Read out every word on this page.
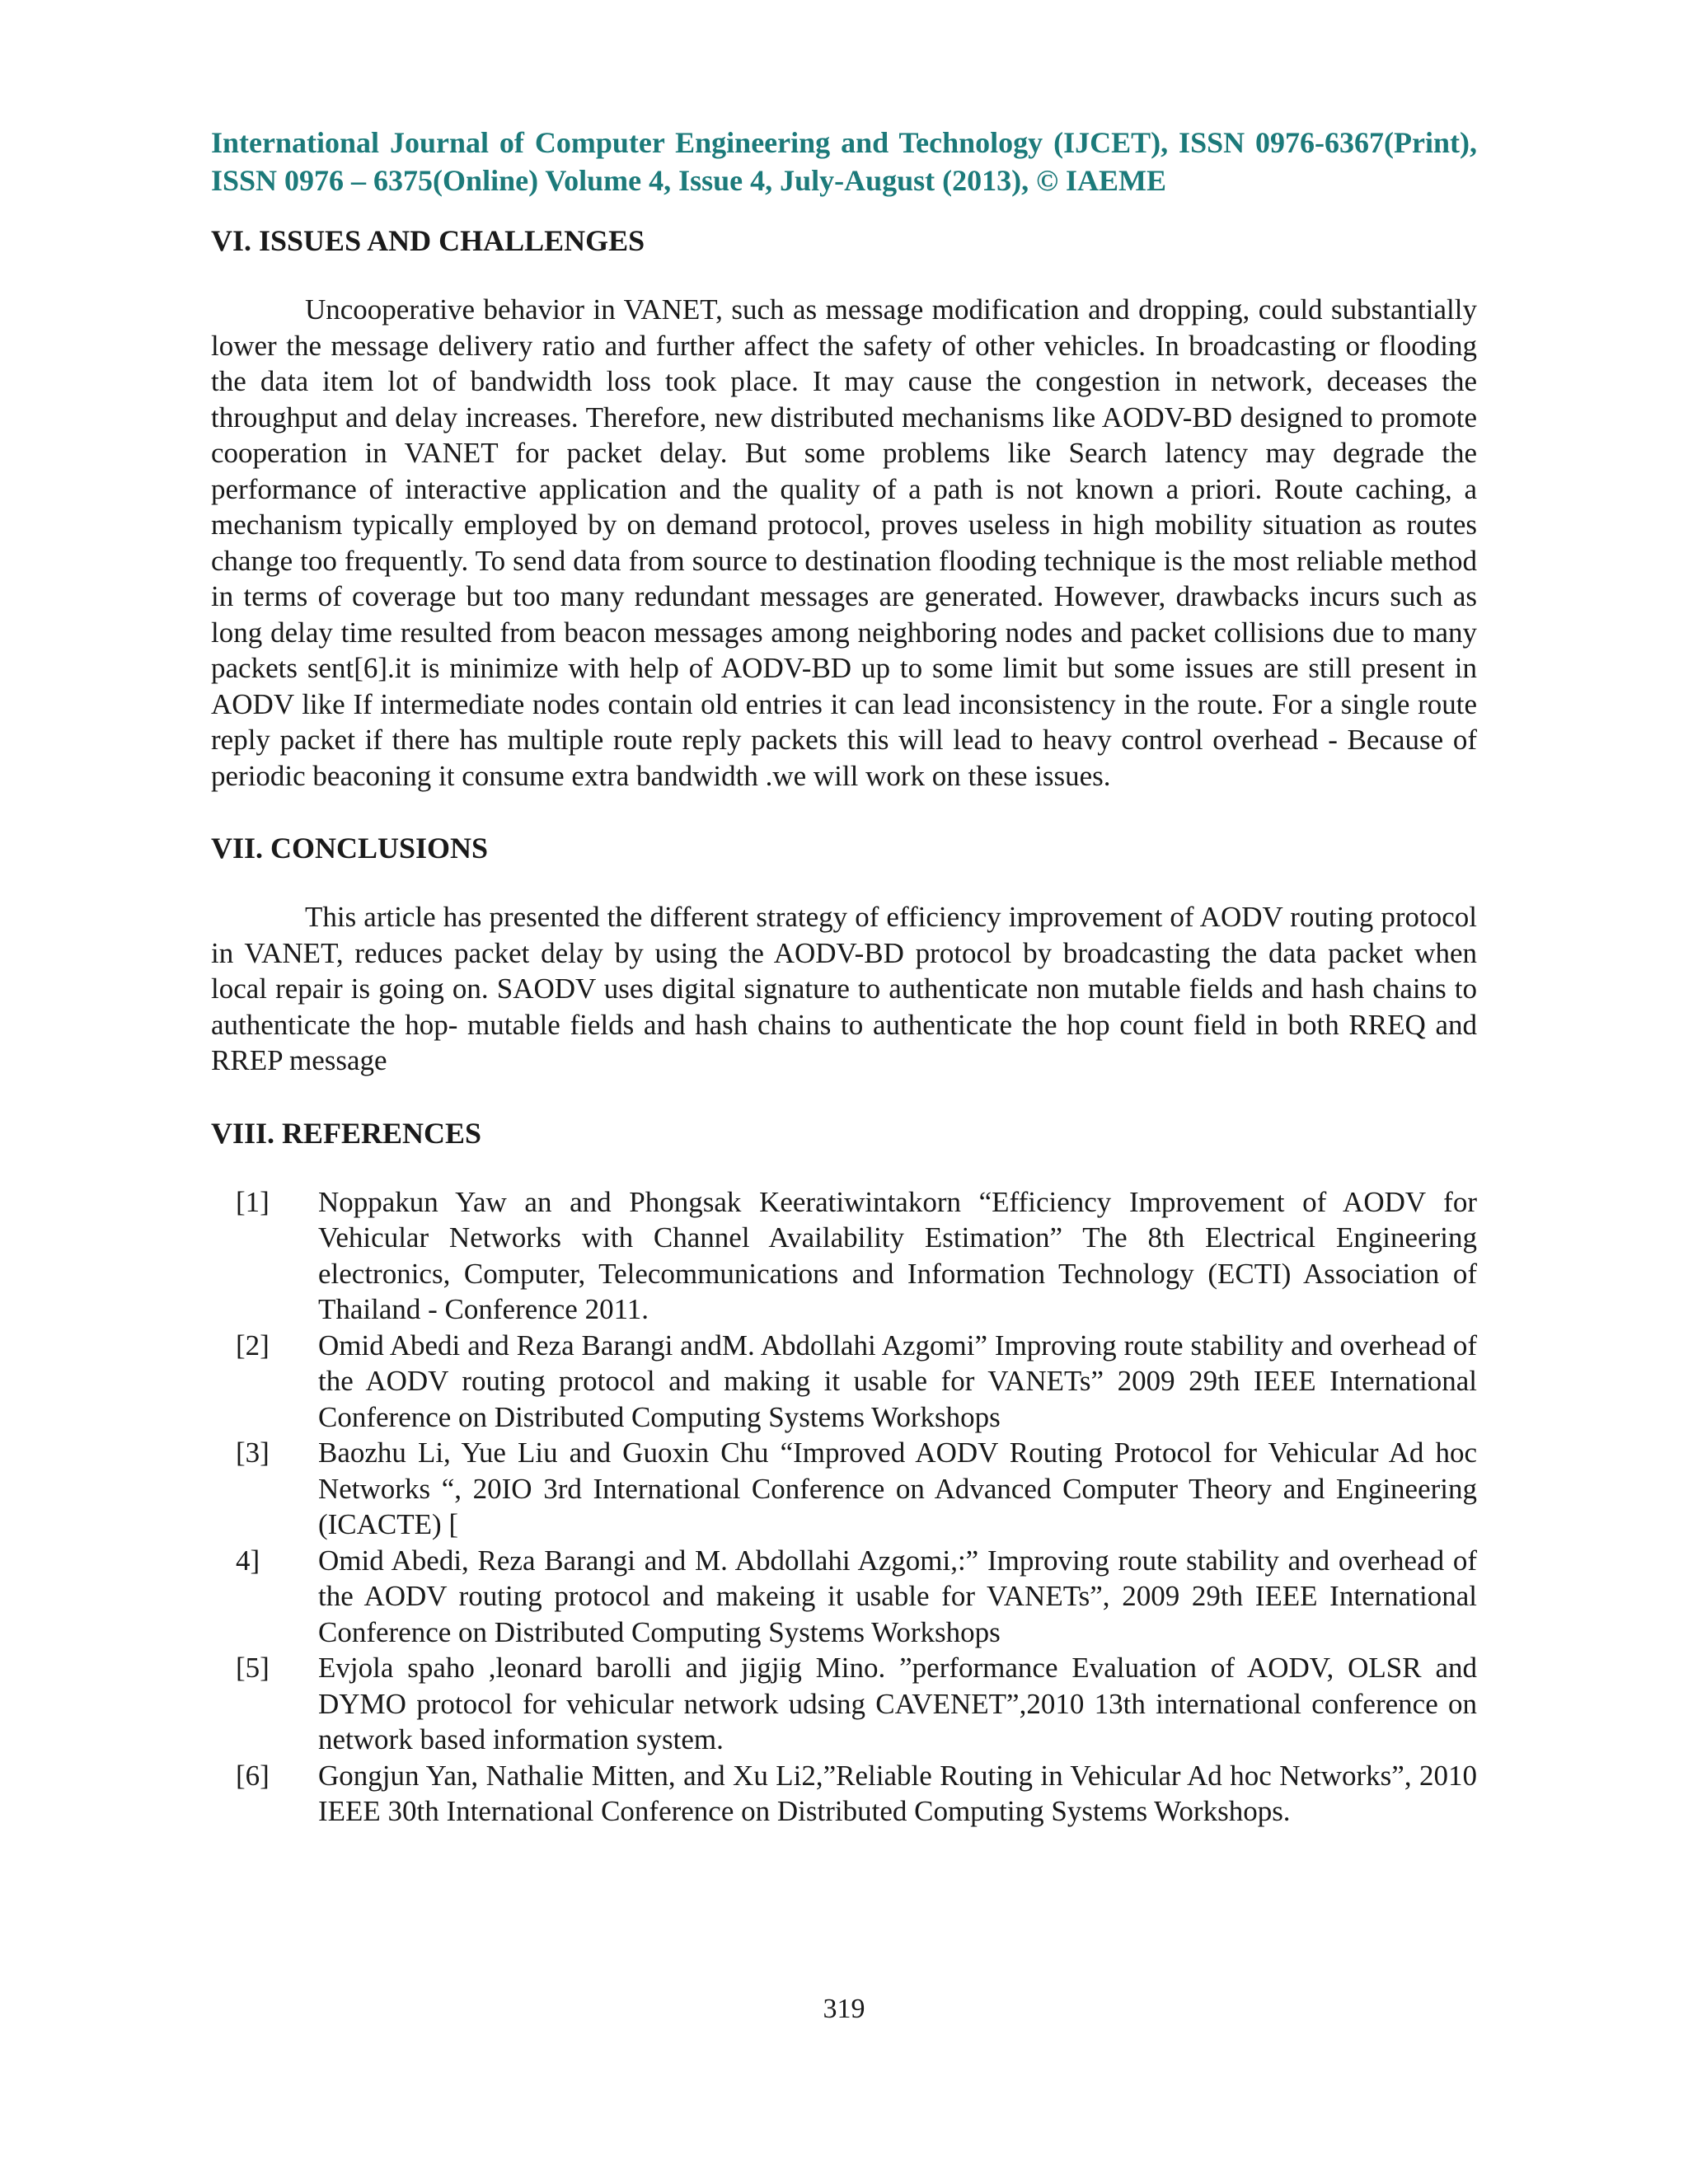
International Journal of Computer Engineering and Technology (IJCET), ISSN 0976-6367(Print), ISSN 0976 – 6375(Online) Volume 4, Issue 4, July-August (2013), © IAEME

VI. ISSUES AND CHALLENGES

Uncooperative behavior in VANET, such as message modification and dropping, could substantially lower the message delivery ratio and further affect the safety of other vehicles. In broadcasting or flooding the data item lot of bandwidth loss took place. It may cause the congestion in network, deceases the throughput and delay increases. Therefore, new distributed mechanisms like AODV-BD designed to promote cooperation in VANET for packet delay. But some problems like Search latency may degrade the performance of interactive application and the quality of a path is not known a priori. Route caching, a mechanism typically employed by on demand protocol, proves useless in high mobility situation as routes change too frequently. To send data from source to destination flooding technique is the most reliable method in terms of coverage but too many redundant messages are generated. However, drawbacks incurs such as long delay time resulted from beacon messages among neighboring nodes and packet collisions due to many packets sent[6].it is minimize with help of AODV-BD up to some limit but some issues are still present in AODV like If intermediate nodes contain old entries it can lead inconsistency in the route. For a single route reply packet if there has multiple route reply packets this will lead to heavy control overhead - Because of periodic beaconing it consume extra bandwidth .we will work on these issues.

VII. CONCLUSIONS

This article has presented the different strategy of efficiency improvement of AODV routing protocol in VANET, reduces packet delay by using the AODV-BD protocol by broadcasting the data packet when local repair is going on. SAODV uses digital signature to authenticate non mutable fields and hash chains to authenticate the hop- mutable fields and hash chains to authenticate the hop count field in both RREQ and RREP message

VIII. REFERENCES
[1] Noppakun Yaw an and Phongsak Keeratiwintakorn “Efficiency Improvement of AODV for Vehicular Networks with Channel Availability Estimation” The 8th Electrical Engineering electronics, Computer, Telecommunications and Information Technology (ECTI) Association of Thailand - Conference 2011.
[2] Omid Abedi and Reza Barangi andM. Abdollahi Azgomi” Improving route stability and overhead of the AODV routing protocol and making it usable for VANETs” 2009 29th IEEE International Conference on Distributed Computing Systems Workshops
[3] Baozhu Li, Yue Liu and Guoxin Chu “Improved AODV Routing Protocol for Vehicular Ad hoc Networks “, 20IO 3rd International Conference on Advanced Computer Theory and Engineering (ICACTE) [
4] Omid Abedi, Reza Barangi and M. Abdollahi Azgomi,:” Improving route stability and overhead of the AODV routing protocol and makeing it usable for VANETs”, 2009 29th IEEE International Conference on Distributed Computing Systems Workshops
[5] Evjola spaho ,leonard barolli and jigjig Mino. ”performance Evaluation of AODV, OLSR and DYMO protocol for vehicular network udsing CAVENET”,2010 13th international conference on network based information system.
[6] Gongjun Yan, Nathalie Mitten, and Xu Li2,”Reliable Routing in Vehicular Ad hoc Networks”, 2010 IEEE 30th International Conference on Distributed Computing Systems Workshops.
319
